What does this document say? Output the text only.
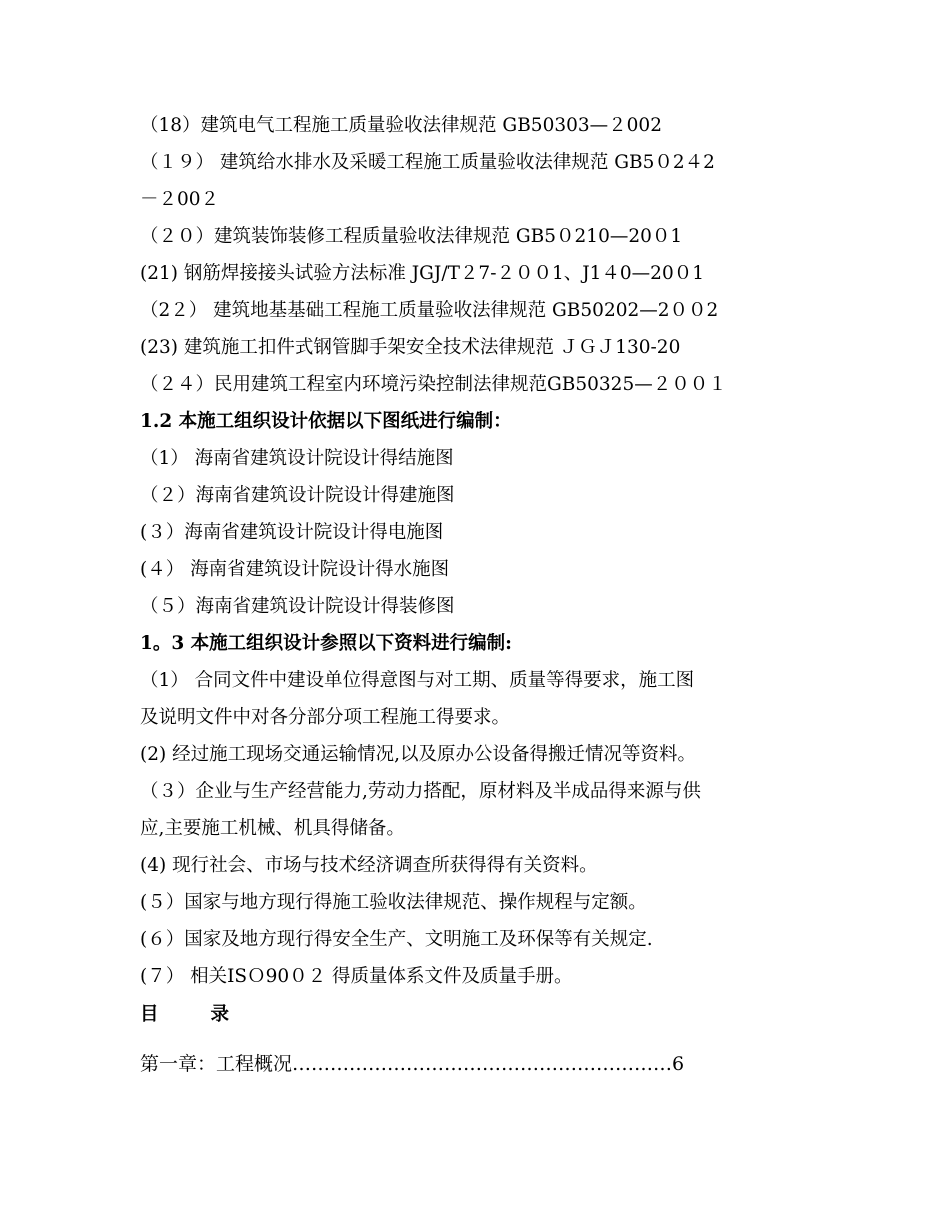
（18）建筑电气工程施工质量验收法律规范 GB50303—２002
（１９） 建筑给水排水及采暖工程施工质量验收法律规范 GB5０2４2
－２00２
（２０）建筑装饰装修工程质量验收法律规范 GB5０210—20０1
(21) 钢筋焊接接头试验方法标准 JGJ/T２7-２００1、J1４0—20０1
（2２） 建筑地基基础工程施工质量验收法律规范 GB50202—2００2
(23) 建筑施工扣件式钢管脚手架安全技术法律规范 ＪＧＪ130-20
（２４）民用建筑工程室内环境污染控制法律规范GB50325—２００１
1.2 本施工组织设计依据以下图纸进行编制：
（1） 海南省建筑设计院设计得结施图
（２）海南省建筑设计院设计得建施图
(３）海南省建筑设计院设计得电施图
(４） 海南省建筑设计院设计得水施图
（５）海南省建筑设计院设计得装修图
1。3 本施工组织设计参照以下资料进行编制:
（1） 合同文件中建设单位得意图与对工期、质量等得要求，施工图
及说明文件中对各分部分项工程施工得要求。
(2) 经过施工现场交通运输情况,以及原办公设备得搬迁情况等资料。
（３）企业与生产经营能力,劳动力搭配，原材料及半成品得来源与供
应,主要施工机械、机具得储备。
(4) 现行社会、市场与技术经济调查所获得得有关资料。
(５）国家与地方现行得施工验收法律规范、操作规程与定额。
(６）国家及地方现行得安全生产、文明施工及环保等有关规定.
(７） 相关ISＯ90０２ 得质量体系文件及质量手册。
目	录
第一章：工程概况……………………………………………………6
